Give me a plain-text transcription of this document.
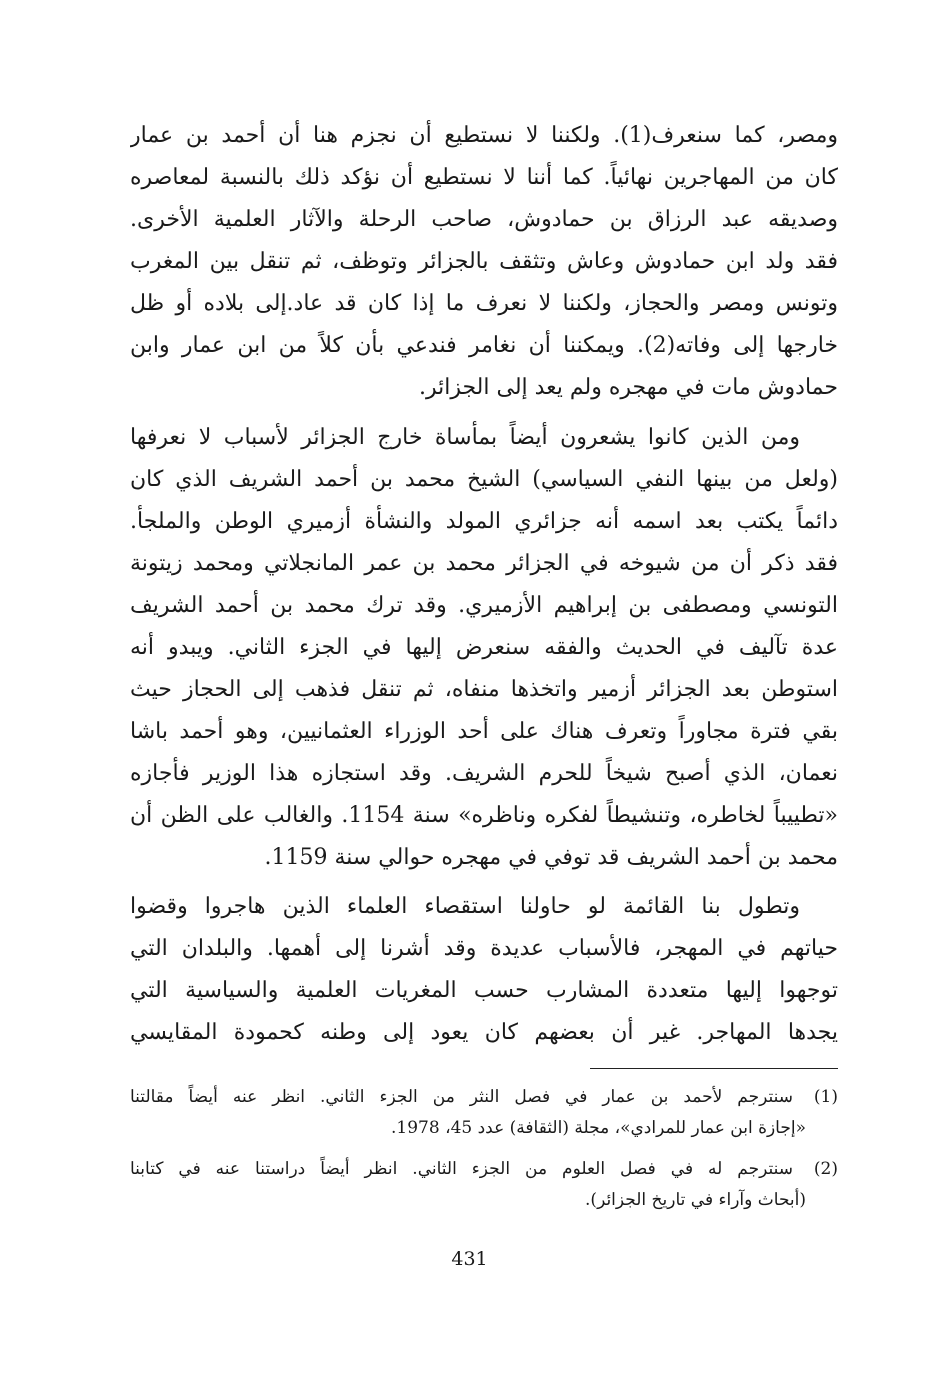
ومصر، كما سنعرف(1). ولكننا لا نستطيع أن نجزم هنا أن أحمد بن عمار
كان من المهاجرين نهائياً. كما أننا لا نستطيع أن نؤكد ذلك بالنسبة لمعاصره
وصديقه عبد الرزاق بن حمادوش، صاحب الرحلة والآثار العلمية الأخرى.
فقد ولد ابن حمادوش وعاش وتثقف بالجزائر وتوظف، ثم تنقل بين المغرب
وتونس ومصر والحجاز، ولكننا لا نعرف ما إذا كان قد عاد.إلى بلاده أو ظل
خارجها إلى وفاته(2). ويمكننا أن نغامر فندعي بأن كلاً من ابن عمار وابن
حمادوش مات في مهجره ولم يعد إلى الجزائر.
ومن الذين كانوا يشعرون أيضاً بمأساة خارج الجزائر لأسباب لا نعرفها
(ولعل من بينها النفي السياسي) الشيخ محمد بن أحمد الشريف الذي كان
دائماً يكتب بعد اسمه أنه جزائري المولد والنشأة أزميري الوطن والملجأ.
فقد ذكر أن من شيوخه في الجزائر محمد بن عمر المانجلاتي ومحمد زيتونة
التونسي ومصطفى بن إبراهيم الأزميري. وقد ترك محمد بن أحمد الشريف
عدة تآليف في الحديث والفقه سنعرض إليها في الجزء الثاني. ويبدو أنه
استوطن بعد الجزائر أزمير واتخذها منفاه، ثم تنقل فذهب إلى الحجاز حيث
بقي فترة مجاوراً وتعرف هناك على أحد الوزراء العثمانيين، وهو أحمد باشا
نعمان، الذي أصبح شيخاً للحرم الشريف. وقد استجازه هذا الوزير فأجازه
«تطييباً لخاطره، وتنشيطاً لفكره وناظره» سنة 1154. والغالب على الظن أن
محمد بن أحمد الشريف قد توفي في مهجره حوالي سنة 1159.
وتطول بنا القائمة لو حاولنا استقصاء العلماء الذين هاجروا وقضوا
حياتهم في المهجر، فالأسباب عديدة وقد أشرنا إلى أهمها. والبلدان التي
توجهوا إليها متعددة المشارب حسب المغريات العلمية والسياسية التي
يجدها المهاجر. غير أن بعضهم كان يعود إلى وطنه كحمودة المقايسي
(1) سنترجم لأحمد بن عمار في فصل النثر من الجزء الثاني. انظر عنه أيضاً مقالتنا
«إجازة ابن عمار للمرادي»، مجلة (الثقافة) عدد 45، 1978.
(2) سنترجم له في فصل العلوم من الجزء الثاني. انظر أيضاً دراستنا عنه في كتابنا
(أبحاث وآراء في تاريخ الجزائر).
431
